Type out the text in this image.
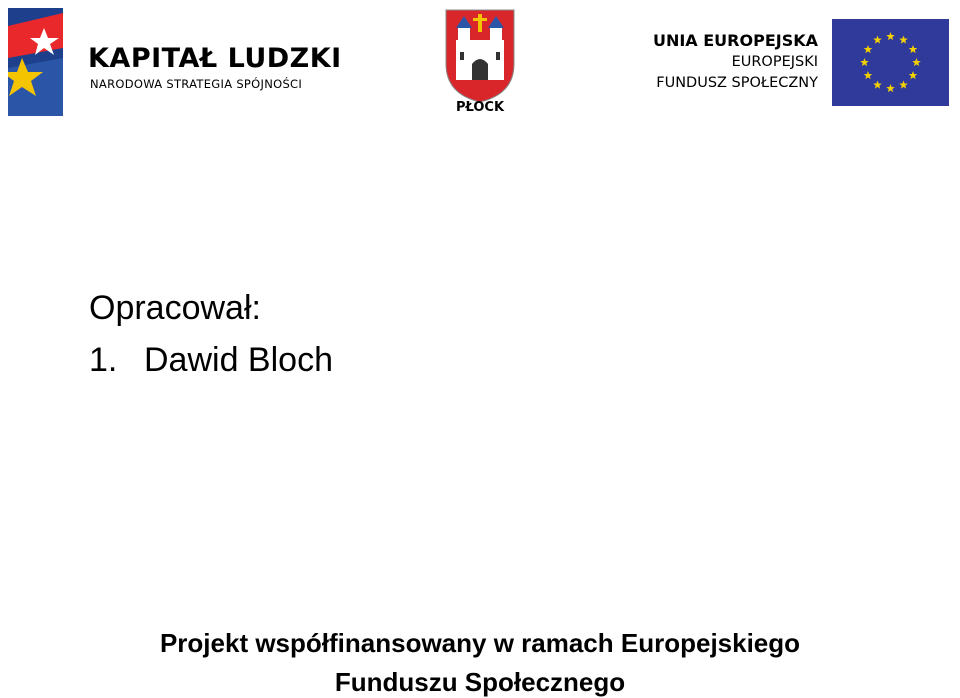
KAPITAŁ LUDZKI
NARODOWA STRATEGIA SPÓJNOŚCI
PŁOCK
UNIA EUROPEJSKA
EUROPEJSKI
FUNDUSZ SPOŁECZNY
Opracował:
1. Dawid Bloch
Projekt współfinansowany w ramach Europejskiego
Funduszu Społecznego
